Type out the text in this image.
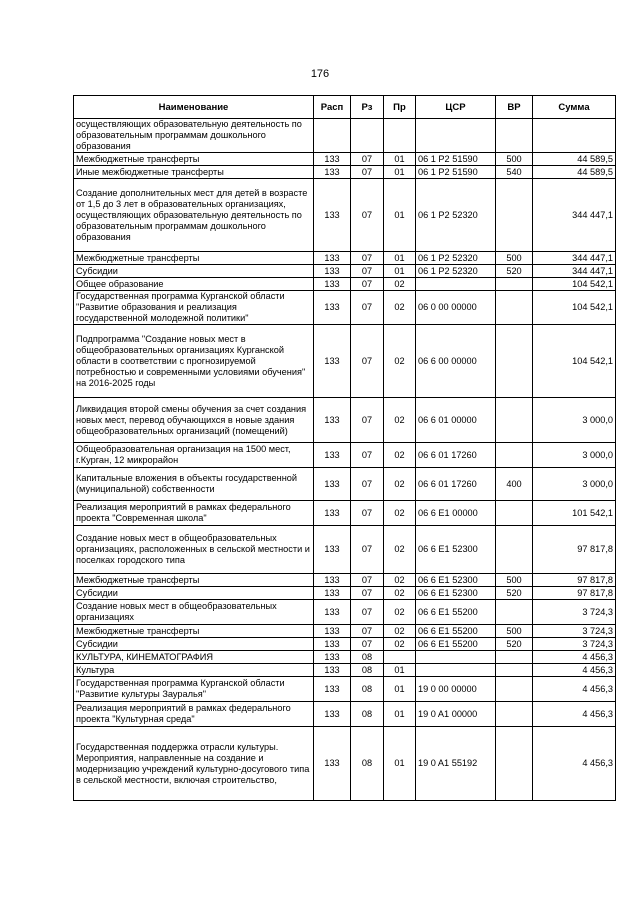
176
Наименование	Расп	Рз	Пр	ЦСР	ВР	Сумма
осуществляющих образовательную деятельность по образовательным программам дошкольного образования						
Межбюджетные трансферты	133	07	01	06 1 P2 51590	500	44 589,5
Иные межбюджетные трансферты	133	07	01	06 1 P2 51590	540	44 589,5
Создание дополнительных мест для детей в возрасте от 1,5 до 3 лет в образовательных организациях, осуществляющих образовательную деятельность по образовательным программам дошкольного образования	133	07	01	06 1 P2 52320		344 447,1
Межбюджетные трансферты	133	07	01	06 1 P2 52320	500	344 447,1
Субсидии	133	07	01	06 1 P2 52320	520	344 447,1
Общее образование	133	07	02			104 542,1
Государственная программа Курганской области "Развитие образования и реализация государственной молодежной политики"	133	07	02	06 0 00 00000		104 542,1
Подпрограмма "Создание новых мест в общеобразовательных организациях Курганской области в соответствии с прогнозируемой потребностью и современными условиями обучения" на 2016-2025 годы	133	07	02	06 6 00 00000		104 542,1
Ликвидация второй смены обучения за счет создания новых мест, перевод обучающихся в новые здания общеобразовательных организаций (помещений)	133	07	02	06 6 01 00000		3 000,0
Общеобразовательная организация на 1500 мест, г.Курган, 12 микрорайон	133	07	02	06 6 01 17260		3 000,0
Капитальные вложения в объекты государственной (муниципальной) собственности	133	07	02	06 6 01 17260	400	3 000,0
Реализация мероприятий в рамках федерального проекта "Современная школа"	133	07	02	06 6 E1 00000		101 542,1
Создание новых мест в общеобразовательных организациях, расположенных в сельской местности и поселках городского типа	133	07	02	06 6 E1 52300		97 817,8
Межбюджетные трансферты	133	07	02	06 6 E1 52300	500	97 817,8
Субсидии	133	07	02	06 6 E1 52300	520	97 817,8
Создание новых мест в общеобразовательных организациях	133	07	02	06 6 E1 55200		3 724,3
Межбюджетные трансферты	133	07	02	06 6 E1 55200	500	3 724,3
Субсидии	133	07	02	06 6 E1 55200	520	3 724,3
КУЛЬТУРА, КИНЕМАТОГРАФИЯ	133	08				4 456,3
Культура	133	08	01			4 456,3
Государственная программа Курганской области "Развитие культуры Зауралья"	133	08	01	19 0 00 00000		4 456,3
Реализация мероприятий в рамках федерального проекта "Культурная среда"	133	08	01	19 0 A1 00000		4 456,3
Государственная поддержка отрасли культуры. Мероприятия, направленные на создание и модернизацию учреждений культурно-досугового типа в сельской местности, включая строительство,	133	08	01	19 0 A1 55192		4 456,3
